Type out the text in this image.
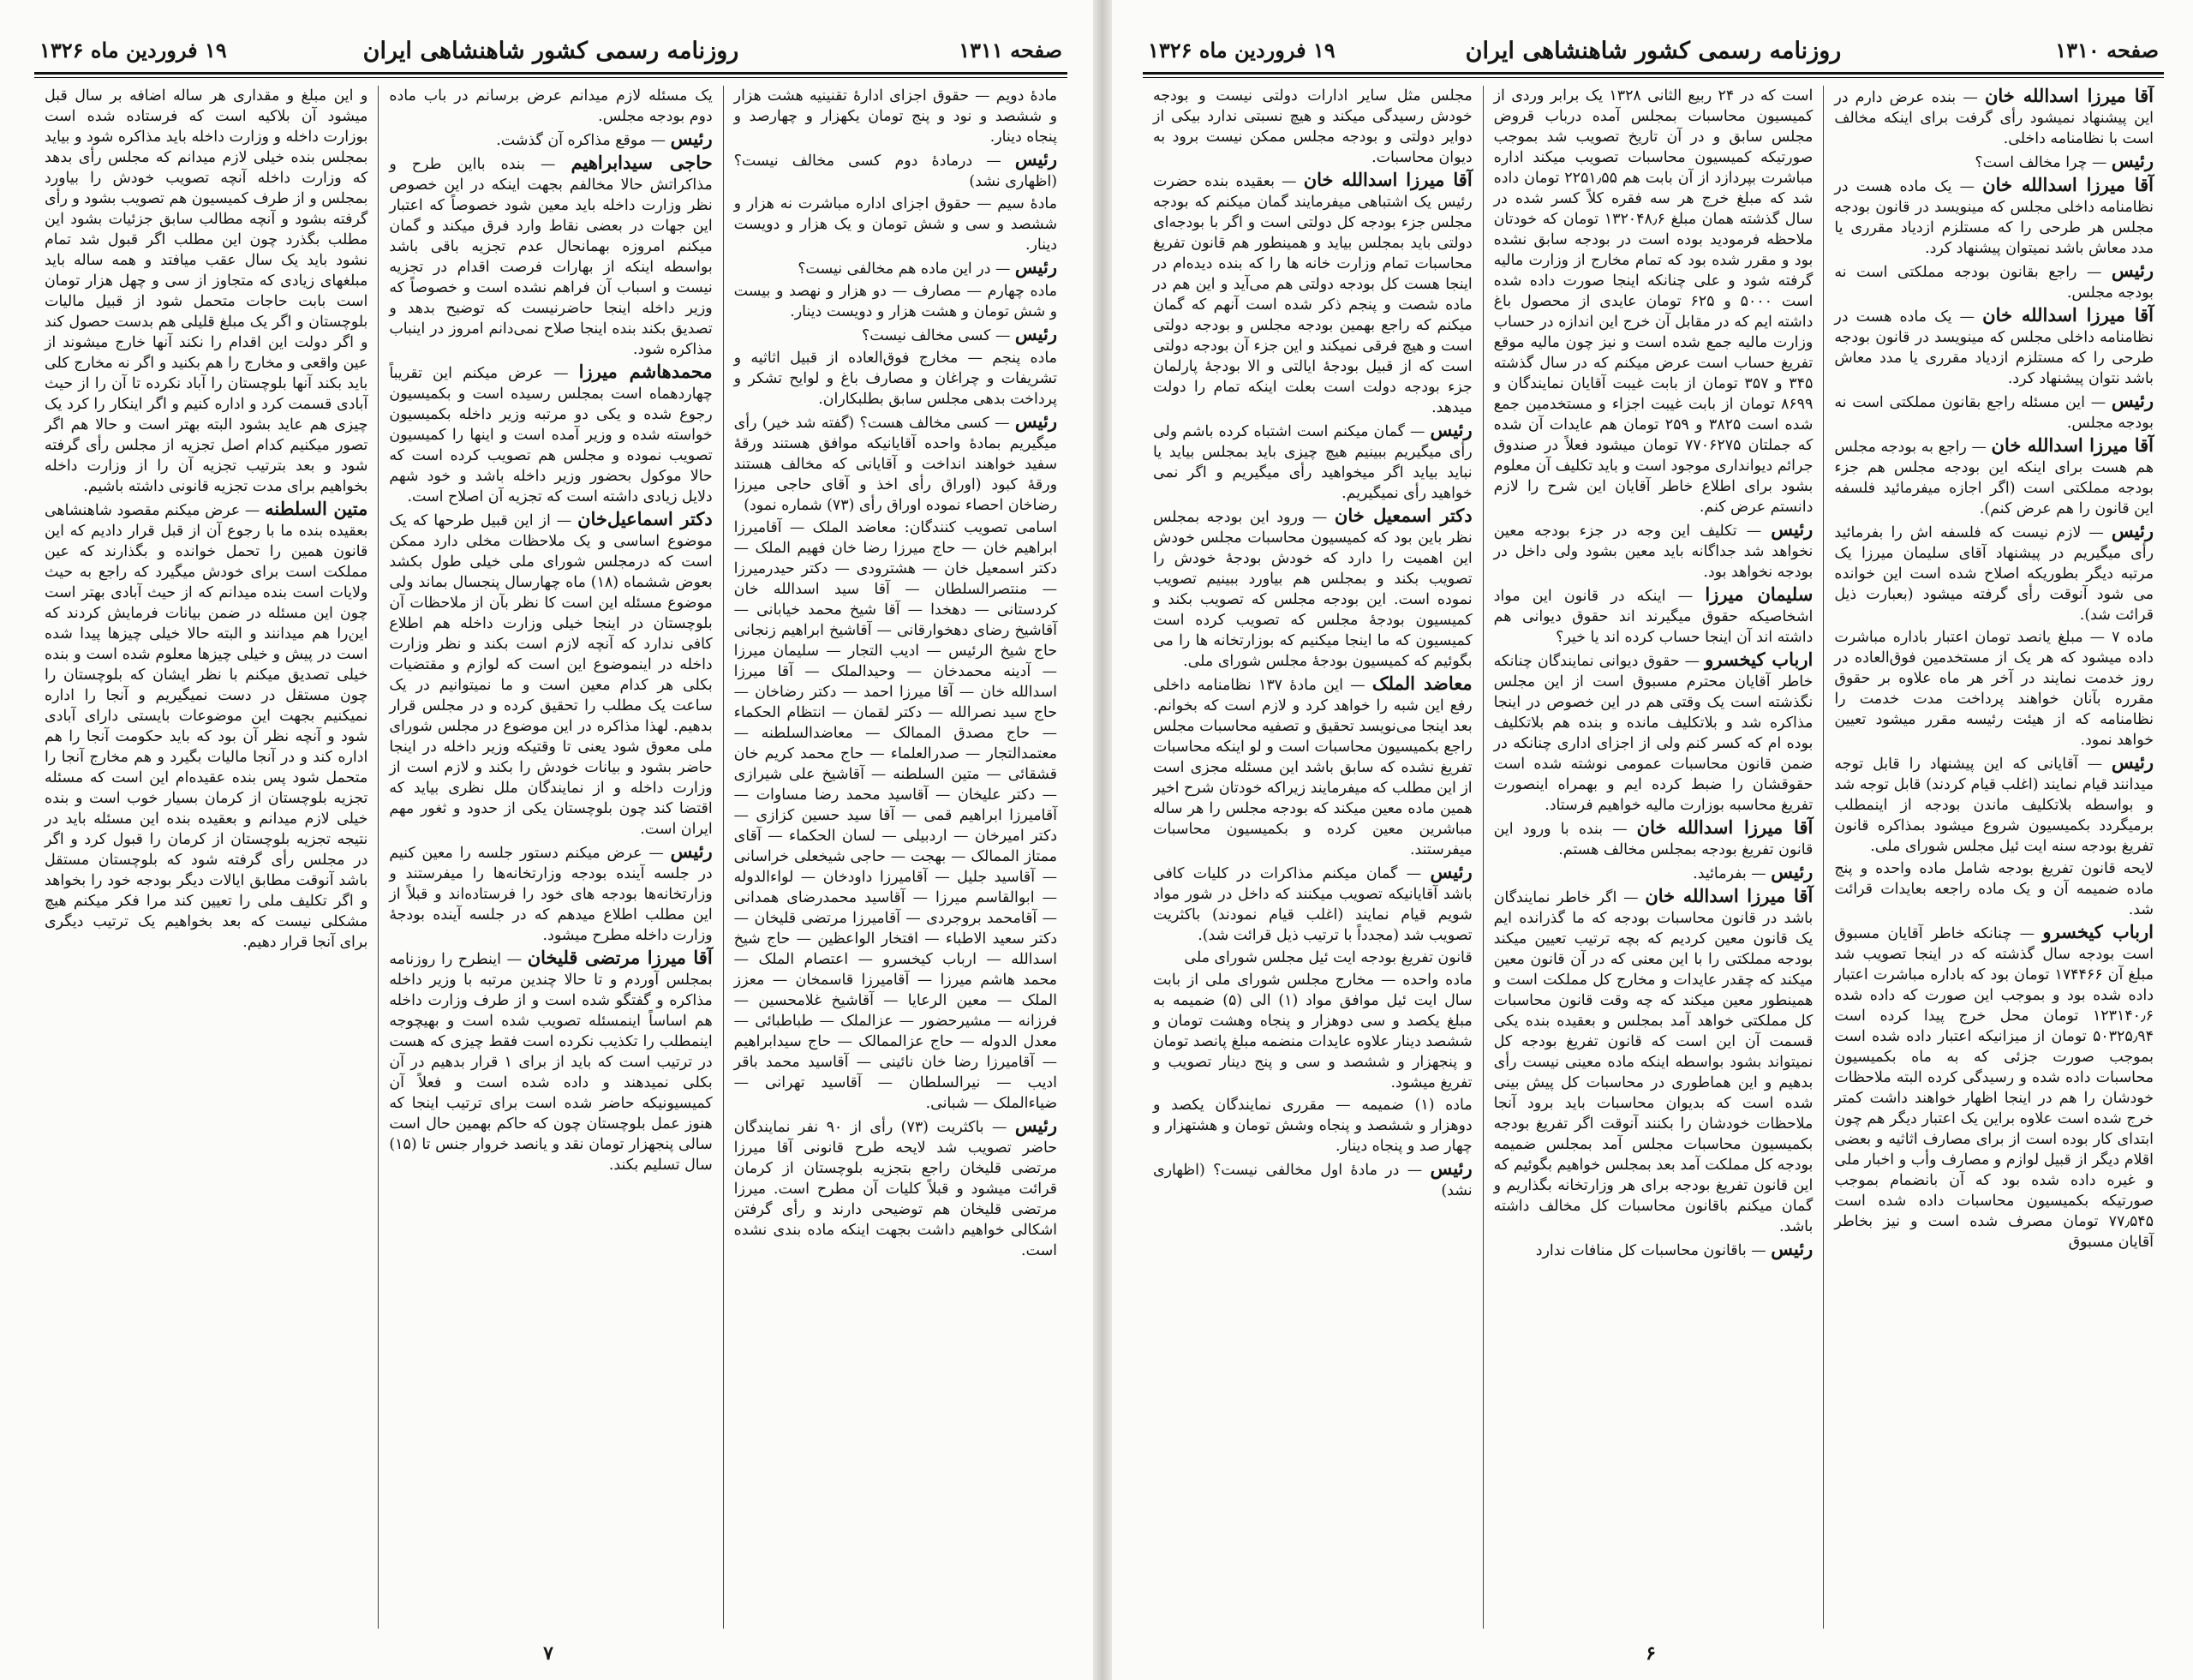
صفحه ۱۳۱۱
روزنامه رسمی کشور شاهنشاهی ایران
۱۹ فروردین ماه ۱۳۲۶

مادهٔ دویم — حقوق اجزای ادارهٔ تقنینیه هشت هزار و ششصد و نود و پنج تومان یکهزار و چهارصد و پنجاه دینار.

رئیس — درمادهٔ دوم کسی مخالف نیست؟ (اظهاری نشد)

مادهٔ سیم — حقوق اجزای اداره مباشرت نه هزار و ششصد و سی و شش تومان و یک هزار و دویست دینار.

رئیس — در این ماده هم مخالفی نیست؟

ماده چهارم — مصارف — دو هزار و نهصد و بیست و شش تومان و هشت هزار و دویست دینار.

رئیس — کسی مخالف نیست؟

ماده پنجم — مخارج فوق‌العاده از قبیل اثاثیه و تشریفات و چراغان و مصارف باغ و لوایح تشکر و پرداخت بدهی مجلس سابق بطلبکاران.

رئیس — کسی مخالف هست؟ (گفته شد خیر) رأی میگیریم بمادهٔ واحده آقایانیکه موافق هستند ورقهٔ سفید خواهند انداخت و آقایانی که مخالف هستند ورقهٔ کبود (اوراق رأی اخذ و آقای حاجی میرزا رضاخان احصاء نموده اوراق رأی (۷۳) شماره نمود)

اسامی تصویب کنندگان: معاضد الملک — آقامیرزا ابراهیم خان — حاج میرزا رضا خان فهیم الملک — دکتر اسمعیل خان — هشترودی — دکتر حیدرمیرزا — منتصرالسلطان — آقا سید اسدالله خان کردستانی — دهخدا — آقا شیخ محمد خیابانی — آقاشیخ رضای دهخوارقانی — آقاشیخ ابراهیم زنجانی حاج شیخ الرئیس — ادیب التجار — سلیمان میرزا — آدینه محمدخان — وحیدالملک — آقا میرزا اسدالله خان — آقا میرزا احمد — دکتر رضاخان — حاج سید نصرالله — دکتر لقمان — انتظام الحکماء — حاج مصدق الممالک — معاضدالسلطنه — معتمدالتجار — صدرالعلماء — حاج محمد کریم خان قشقائی — متین السلطنه — آقاشیخ علی شیرازی — دکتر علیخان — آقاسید محمد رضا مساوات — آقامیرزا ابراهیم قمی — آقا سید حسین کزازی — دکتر امیرخان — اردبیلی — لسان الحکماء — آقای ممتاز الممالک — بهجت — حاجی شیخعلی خراسانی — آقاسید جلیل — آقامیرزا داودخان — لواءالدوله — ابوالقاسم میرزا — آقاسید محمدرضای همدانی — آقامحمد بروجردی — آقامیرزا مرتضی قلیخان — دکتر سعید الاطباء — افتخار الواعظین — حاج شیخ اسدالله — ارباب کیخسرو — اعتصام الملک — محمد هاشم میرزا — آقامیرزا قاسمخان — معزز الملک — معین الرعایا — آقاشیخ غلامحسین — فرزانه — مشیرحضور — عزالملک — طباطبائی — معدل الدوله — حاج عزالممالک — حاج سیدابراهیم — آقامیرزا رضا خان نائینی — آقاسید محمد باقر ادیب — نیرالسلطان — آقاسید تهرانی — ضیاءالملک — شبانی.

رئیس — باکثریت (۷۳) رأی از ۹۰ نفر نمایندگان حاضر تصویب شد لایحه طرح قانونی آقا میرزا مرتضی قلیخان راجع بتجزیه بلوچستان از کرمان قرائت میشود و قبلاً کلیات آن مطرح است. میرزا مرتضی قلیخان هم توضیحی دارند و رأی گرفتن اشکالی خواهیم داشت بجهت اینکه ماده بندی نشده است.

یک مسئله لازم میدانم عرض برسانم در باب ماده دوم بودجه مجلس.

رئیس — موقع مذاکره آن گذشت.

حاجی سیدابراهیم — بنده بااین طرح و مذاکراتش حالا مخالفم بجهت اینکه در این خصوص نظر وزارت داخله باید معین شود خصوصاً که اعتبار این جهات در بعضی نقاط وارد فرق میکند و گمان میکنم امروزه بهمانحال عدم تجزیه باقی باشد بواسطه اینکه از بهارات فرصت اقدام در تجزیه نیست و اسباب آن فراهم نشده است و خصوصاً که وزیر داخله اینجا حاضرنیست که توضیح بدهد و تصدیق بکند بنده اینجا صلاح نمی‌دانم امروز در اینباب مذاکره شود.

محمدهاشم میرزا — عرض میکنم این تقریباً چهاردهماه است بمجلس رسیده است و بکمیسیون رجوع شده و یکی دو مرتبه وزیر داخله بکمیسیون خواسته شده و وزیر آمده است و اینها را کمیسیون تصویب نموده و مجلس هم تصویب کرده است که حالا موکول بحضور وزیر داخله باشد و خود شهم دلایل زیادی داشته است که تجزیه آن اصلاح است.

دکتر اسماعیل‌خان — از این قبیل طرحها که یک موضوع اساسی و یک ملاحظات مخلی دارد ممکن است که درمجلس شورای ملی خیلی طول بکشد بعوض ششماه (۱۸) ماه چهارسال پنجسال بماند ولی موضوع مسئله این است کا نظر بآن از ملاحظات آن بلوچستان در اینجا خیلی وزارت داخله هم اطلاع کافی ندارد که آنچه لازم است بکند و نظر وزارت داخله در اینموضوع این است که لوازم و مقتضیات بکلی هر کدام معین است و ما نمیتوانیم در یک ساعت یک مطلب را تحقیق کرده و در مجلس قرار بدهیم. لهذا مذاکره در این موضوع در مجلس شورای ملی معوق شود یعنی تا وقتیکه وزیر داخله در اینجا حاضر بشود و بیانات خودش را بکند و لازم است از وزارت داخله و از نمایندگان ملل نظری بیاید که اقتضا کند چون بلوچستان یکی از حدود و ثغور مهم ایران است.

رئیس — عرض میکنم دستور جلسه را معین کنیم در جلسه آینده بودجه وزارتخانه‌ها را میفرستند و وزارتخانه‌ها بودجه های خود را فرستاده‌اند و قبلاً از این مطلب اطلاع میدهم که در جلسه آینده بودجهٔ وزارت داخله مطرح میشود.

آقا میرزا مرتضی قلیخان — اینطرح را روزنامه بمجلس آوردم و تا حالا چندین مرتبه با وزیر داخله مذاکره و گفتگو شده است و از طرف وزارت داخله هم اساساً اینمسئله تصویب شده است و بهیچوجه اینمطلب را تکذیب نکرده است فقط چیزی که هست در ترتیب است که باید از برای ۱ قرار بدهیم در آن بکلی نمیدهند و داده شده است و فعلاً آن کمیسیونیکه حاضر شده است برای ترتیب اینجا که هنوز عمل بلوچستان چون که حاکم بهمین حال است سالی پنجهزار تومان نقد و یانصد خروار جنس تا (۱۵) سال تسلیم بکند.

و این مبلغ و مقداری هر ساله اضافه بر سال قبل میشود آن بلاکیه است که فرستاده شده است بوزارت داخله و وزارت داخله باید مذاکره شود و بیاید بمجلس بنده خیلی لازم میدانم که مجلس رأی بدهد که وزارت داخله آنچه تصویب خودش را بیاورد بمجلس و از طرف کمیسیون هم تصویب بشود و رأی گرفته بشود و آنچه مطالب سابق جزئیات بشود این مطلب بگذرد چون این مطلب اگر قبول شد تمام نشود باید یک سال عقب میافتد و همه ساله باید مبلغهای زیادی که متجاوز از سی و چهل هزار تومان است بابت حاجات متحمل شود از قبیل مالیات بلوچستان و اگر یک مبلغ قلیلی هم بدست حصول کند و اگر دولت این اقدام را نکند آنها خارج میشوند از عین واقعی و مخارج را هم بکنید و اگر نه مخارج کلی باید بکند آنها بلوچستان را آباد نکرده تا آن را از حیث آبادی قسمت کرد و اداره کنیم و اگر اینکار را کرد یک چیزی هم عاید بشود البته بهتر است و حالا هم اگر تصور میکنیم کدام اصل تجزیه از مجلس رأی گرفته شود و بعد بترتیب تجزیه آن را از وزارت داخله بخواهیم برای مدت تجزیه قانونی داشته باشیم.

متین السلطنه — عرض میکنم مقصود شاهنشاهی بعقیده بنده ما با رجوع آن از قبل قرار دادیم که این قانون همین را تحمل خوانده و بگذارند که عین مملکت است برای خودش میگیرد که راجع به حیث ولایات است بنده میدانم که از حیث آبادی بهتر است چون این مسئله در ضمن بیانات فرمایش کردند که این‌را هم میدانند و البته حالا خیلی چیزها پیدا شده است در پیش و خیلی چیزها معلوم شده است و بنده خیلی تصدیق میکنم با نظر ایشان که بلوچستان را چون مستقل در دست نمیگیریم و آنجا را اداره نمیکنیم بجهت این موضوعات بایستی دارای آبادی شود و آنچه نظر آن بود که باید حکومت آنجا را هم اداره کند و در آنجا مالیات بگیرد و هم مخارج آنجا را متحمل شود پس بنده عقیده‌ام این است که مسئله تجزیه بلوچستان از کرمان بسیار خوب است و بنده خیلی لازم میدانم و بعقیده بنده این مسئله باید در نتیجه تجزیه بلوچستان از کرمان را قبول کرد و اگر در مجلس رأی گرفته شود که بلوچستان مستقل باشد آنوقت مطابق ایالات دیگر بودجه خود را بخواهد و اگر تکلیف ملی را تعیین کند مرا فکر میکنم هیچ مشکلی نیست که بعد بخواهیم یک ترتیب دیگری برای آنجا قرار دهیم.

۷
صفحه ۱۳۱۰
روزنامه رسمی کشور شاهنشاهی ایران
۱۹ فروردین ماه ۱۳۲۶

آقا میرزا اسدالله خان — بنده عرض دارم در این پیشنهاد نمیشود رأی گرفت برای اینکه مخالف است با نظامنامه داخلی.

رئیس — چرا مخالف است؟

آقا میرزا اسدالله خان — یک ماده هست در نظامنامه داخلی مجلس که مینویسد در قانون بودجه مجلس هر طرحی را که مستلزم ازدیاد مقرری یا مدد معاش باشد نمیتوان پیشنهاد کرد.

رئیس — راجع بقانون بودجه مملکتی است نه بودجه مجلس.

آقا میرزا اسدالله خان — یک ماده هست در نظامنامه داخلی مجلس که مینویسد در قانون بودجه طرحی را که مستلزم ازدیاد مقرری یا مدد معاش باشد نتوان پیشنهاد کرد.

رئیس — این مسئله راجع بقانون مملکتی است نه بودجه مجلس.

آقا میرزا اسدالله خان — راجع به بودجه مجلس هم هست برای اینکه این بودجه مجلس هم جزء بودجه مملکتی است (اگر اجازه میفرمائید فلسفه این قانون را هم عرض کنم).

رئیس — لازم نیست که فلسفه اش را بفرمائید رأی میگیریم در پیشنهاد آقای سلیمان میرزا یک مرتبه دیگر بطوریکه اصلاح شده است این خوانده می شود آنوقت رأی گرفته میشود (بعبارت ذیل قرائت شد).

ماده ۷ — مبلغ یانصد تومان اعتبار باداره مباشرت داده میشود که هر یک از مستخدمین فوق‌العاده در روز خدمت نمایند در آخر هر ماه علاوه بر حقوق مقرره بآنان خواهند پرداخت مدت خدمت را نظامنامه که از هیئت رئیسه مقرر میشود تعیین خواهد نمود.

رئیس — آقایانی که این پیشنهاد را قابل توجه میدانند قیام نمایند (اغلب قیام کردند) قابل توجه شد و بواسطه بلاتکلیف ماندن بودجه از اینمطلب برمیگردد بکمیسیون شروع میشود بمذاکره قانون تفریغ بودجه سنه ایت ئیل مجلس شورای ملی.

لایحه قانون تفریغ بودجه شامل ماده واحده و پنج ماده ضمیمه آن و یک ماده راجعه بعایدات قرائت شد.

ارباب کیخسرو — چنانکه خاطر آقایان مسبوق است بودجه سال گذشته که در اینجا تصویب شد مبلغ آن ۱۷۴۴۶۶ تومان بود که باداره مباشرت اعتبار داده شده بود و بموجب این صورت که داده شده ۱۲۳۱۴۰٫۶ تومان محل خرج پیدا کرده است ۵۰۳۲۵٫۹۴ تومان از میزانیکه اعتبار داده شده است بموجب صورت جزئی که به ماه بکمیسیون محاسبات داده شده و رسیدگی کرده البته ملاحظات خودشان را هم در اینجا اظهار خواهند داشت کمتر خرج شده است علاوه براین یک اعتبار دیگر هم چون ابتدای کار بوده است از برای مصارف اثاثیه و بعضی اقلام دیگر از قبیل لوازم و مصارف وأب و اخبار ملی و غیره داده شده بود که آن بانضمام بموجب صورتیکه بکمیسیون محاسبات داده شده است ۷۷٫۵۴۵ تومان مصرف شده است و نیز بخاطر آقایان مسبوق

است که در ۲۴ ربیع الثانی ۱۳۲۸ یک برابر وردی از کمیسیون محاسبات بمجلس آمده درباب قروض مجلس سابق و در آن تاریخ تصویب شد بموجب صورتیکه کمیسیون محاسبات تصویب میکند اداره مباشرت بپردازد از آن بابت هم ۲۲۵۱٫۵۵ تومان داده شد که مبلغ خرج هر سه فقره کلاً کسر شده در سال گذشته همان مبلغ ۱۳۲۰۴۸٫۶ تومان که خودتان ملاحظه فرمودید بوده است در بودجه سابق نشده بود و مقرر شده بود که تمام مخارج از وزارت مالیه گرفته شود و علی چنانکه اینجا صورت داده شده است ۵۰۰۰ و ۶۲۵ تومان عایدی از محصول باغ داشته ایم که در مقابل آن خرج این اندازه در حساب وزارت مالیه جمع شده است و نیز چون مالیه موقع تفریغ حساب است عرض میکنم که در سال گذشته ۳۴۵ و ۳۵۷ تومان از بابت غیبت آقایان نمایندگان و ۸۶۹۹ تومان از بابت غیبت اجزاء و مستخدمین جمع شده است ۳۸۲۵ و ۲۵۹ تومان هم عایدات آن شده که جملتان ۷۷۰۶۲۷۵ تومان میشود فعلاً در صندوق جرائم دیوانداری موجود است و باید تکلیف آن معلوم بشود برای اطلاع خاطر آقایان این شرح را لازم دانستم عرض کنم.

رئیس — تکلیف این وجه در جزء بودجه معین نخواهد شد جداگانه باید معین بشود ولی داخل در بودجه نخواهد بود.

سلیمان میرزا — اینکه در قانون این مواد اشخاصیکه حقوق میگیرند اند حقوق دیوانی هم داشته اند آن اینجا حساب کرده اند یا خیر؟

ارباب کیخسرو — حقوق دیوانی نمایندگان چنانکه خاطر آقایان محترم مسبوق است از این مجلس نگذشته است یک وقتی هم در این خصوص در اینجا مذاکره شد و بلاتکلیف مانده و بنده هم بلاتکلیف بوده ام که کسر کنم ولی از اجزای اداری چنانکه در ضمن قانون محاسبات عمومی نوشته شده است حقوقشان را ضبط کرده ایم و بهمراه اینصورت تفریغ محاسبه بوزارت مالیه خواهیم فرستاد.

آقا میرزا اسدالله خان — بنده با ورود این قانون تفریغ بودجه بمجلس مخالف هستم.

رئیس — بفرمائید.

آقا میرزا اسدالله خان — اگر خاطر نمایندگان باشد در قانون محاسبات بودجه که ما گذرانده ایم یک قانون معین کردیم که بچه ترتیب تعیین میکند بودجه مملکتی را با این معنی که در آن قانون معین میکند که چقدر عایدات و مخارج کل مملکت است و همینطور معین میکند که چه وقت قانون محاسبات کل مملکتی خواهد آمد بمجلس و بعقیده بنده یکی قسمت آن این است که قانون تفریغ بودجه کل نمیتواند بشود بواسطه اینکه ماده معینی نیست رأی بدهیم و این هماطوری در محاسبات کل پیش بینی شده است که بدیوان محاسبات باید برود آنجا ملاحظات خودشان را بکنند آنوقت اگر تفریغ بودجه بکمیسیون محاسبات مجلس آمد بمجلس ضمیمه بودجه کل مملکت آمد بعد بمجلس خواهیم بگوئیم که این قانون تفریغ بودجه برای هر وزارتخانه بگذاریم و گمان میکنم باقانون محاسبات کل مخالف داشته باشد.

رئیس — باقانون محاسبات کل منافات ندارد

مجلس مثل سایر ادارات دولتی نیست و بودجه خودش رسیدگی میکند و هیچ نسبتی ندارد بیکی از دوایر دولتی و بودجه مجلس ممکن نیست برود به دیوان محاسبات.

آقا میرزا اسدالله خان — بعقیده بنده حضرت رئیس یک اشتباهی میفرمایند گمان میکنم که بودجه مجلس جزء بودجه کل دولتی است و اگر با بودجه‌ای دولتی باید بمجلس بیاید و همینطور هم قانون تفریغ محاسبات تمام وزارت خانه ها را که بنده دیده‌ام در اینجا هست کل بودجه دولتی هم می‌آید و این هم در ماده شصت و پنجم ذکر شده است آنهم که گمان میکنم که راجع بهمین بودجه مجلس و بودجه دولتی است و هیچ فرقی نمیکند و این جزء آن بودجه دولتی است که از قبیل بودجهٔ ایالتی و الا بودجهٔ پارلمان جزء بودجه دولت است بعلت اینکه تمام را دولت میدهد.

رئیس — گمان میکنم است اشتباه کرده باشم ولی رأی میگیریم ببینیم هیچ چیزی باید بمجلس بیاید یا نباید بیاید اگر میخواهید رأی میگیریم و اگر نمی خواهید رأی نمیگیریم.

دکتر اسمعیل خان — ورود این بودجه بمجلس نظر باین بود که کمیسیون محاسبات مجلس خودش این اهمیت را دارد که خودش بودجهٔ خودش را تصویب بکند و بمجلس هم بیاورد ببینیم تصویب نموده است. این بودجه مجلس که تصویب بکند و کمیسیون بودجهٔ مجلس که تصویب کرده است کمیسیون که ما اینجا میکنیم که بوزارتخانه ها را می بگوئیم که کمیسیون بودجهٔ مجلس شورای ملی.

معاضد الملک — این مادهٔ ۱۳۷ نظامنامه داخلی رفع این شبه را خواهد کرد و لازم است که بخوانم. بعد اینجا می‌نویسد تحقیق و تصفیه محاسبات مجلس راجع بکمیسیون محاسبات است و لو اینکه محاسبات تفریغ نشده که سابق باشد این مسئله مجزی است از این مطلب که میفرمایند زیراکه خودتان شرح اخیر همین ماده معین میکند که بودجه مجلس را هر ساله مباشرین معین کرده و بکمیسیون محاسبات میفرستند.

رئیس — گمان میکنم مذاکرات در کلیات کافی باشد آقایانیکه تصویب میکنند که داخل در شور مواد شویم قیام نمایند (اغلب قیام نمودند) باکثریت تصویب شد (مجدداً با ترتیب ذیل قرائت شد).

قانون تفریغ بودجه ایت ئیل مجلس شورای ملی

ماده واحده — مخارج مجلس شورای ملی از بابت سال ایت ئیل موافق مواد (۱) الی (۵) ضمیمه به مبلغ یکصد و سی دوهزار و پنجاه وهشت تومان و ششصد دینار علاوه عایدات منضمه مبلغ پانصد تومان و پنجهزار و ششصد و سی و پنج دینار تصویب و تفریغ میشود.

ماده (۱) ضمیمه — مقرری نمایندگان یکصد و دوهزار و ششصد و پنجاه وشش تومان و هشتهزار و چهار صد و پنجاه دینار.

رئیس — در مادهٔ اول مخالفی نیست؟ (اظهاری نشد)

۶
